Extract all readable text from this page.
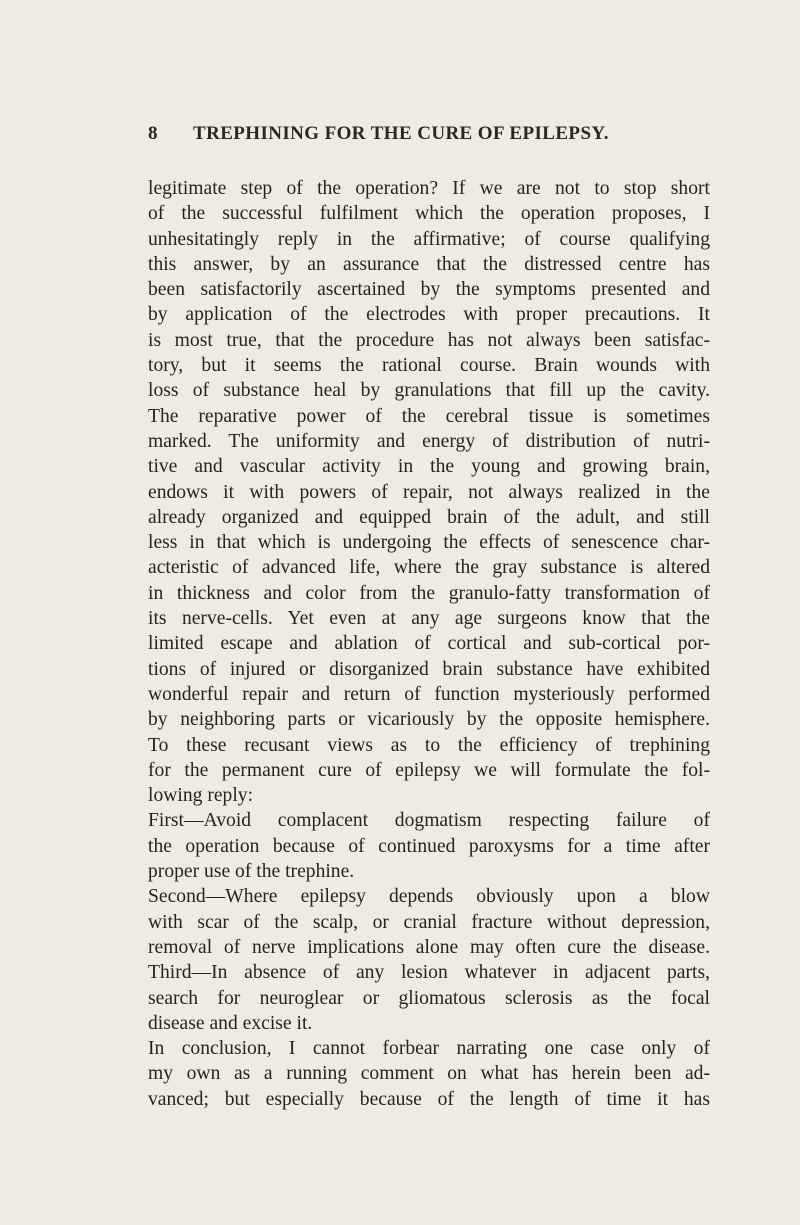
8 TREPHINING FOR THE CURE OF EPILEPSY.
legitimate step of the operation? If we are not to stop short
of the successful fulfilment which the operation proposes, I
unhesitatingly reply in the affirmative; of course qualifying
this answer, by an assurance that the distressed centre has
been satisfactorily ascertained by the symptoms presented and
by application of the electrodes with proper precautions. It
is most true, that the procedure has not always been satisfac-
tory, but it seems the rational course. Brain wounds with
loss of substance heal by granulations that fill up the cavity.
The reparative power of the cerebral tissue is sometimes
marked. The uniformity and energy of distribution of nutri-
tive and vascular activity in the young and growing brain,
endows it with powers of repair, not always realized in the
already organized and equipped brain of the adult, and still
less in that which is undergoing the effects of senescence char-
acteristic of advanced life, where the gray substance is altered
in thickness and color from the granulo-fatty transformation of
its nerve-cells. Yet even at any age surgeons know that the
limited escape and ablation of cortical and sub-cortical por-
tions of injured or disorganized brain substance have exhibited
wonderful repair and return of function mysteriously performed
by neighboring parts or vicariously by the opposite hemisphere.
To these recusant views as to the efficiency of trephining
for the permanent cure of epilepsy we will formulate the fol-
lowing reply:
First—Avoid complacent dogmatism respecting failure of
the operation because of continued paroxysms for a time after
proper use of the trephine.
Second—Where epilepsy depends obviously upon a blow
with scar of the scalp, or cranial fracture without depression,
removal of nerve implications alone may often cure the disease.
Third—In absence of any lesion whatever in adjacent parts,
search for neuroglear or gliomatous sclerosis as the focal
disease and excise it.
In conclusion, I cannot forbear narrating one case only of
my own as a running comment on what has herein been ad-
vanced; but especially because of the length of time it has
